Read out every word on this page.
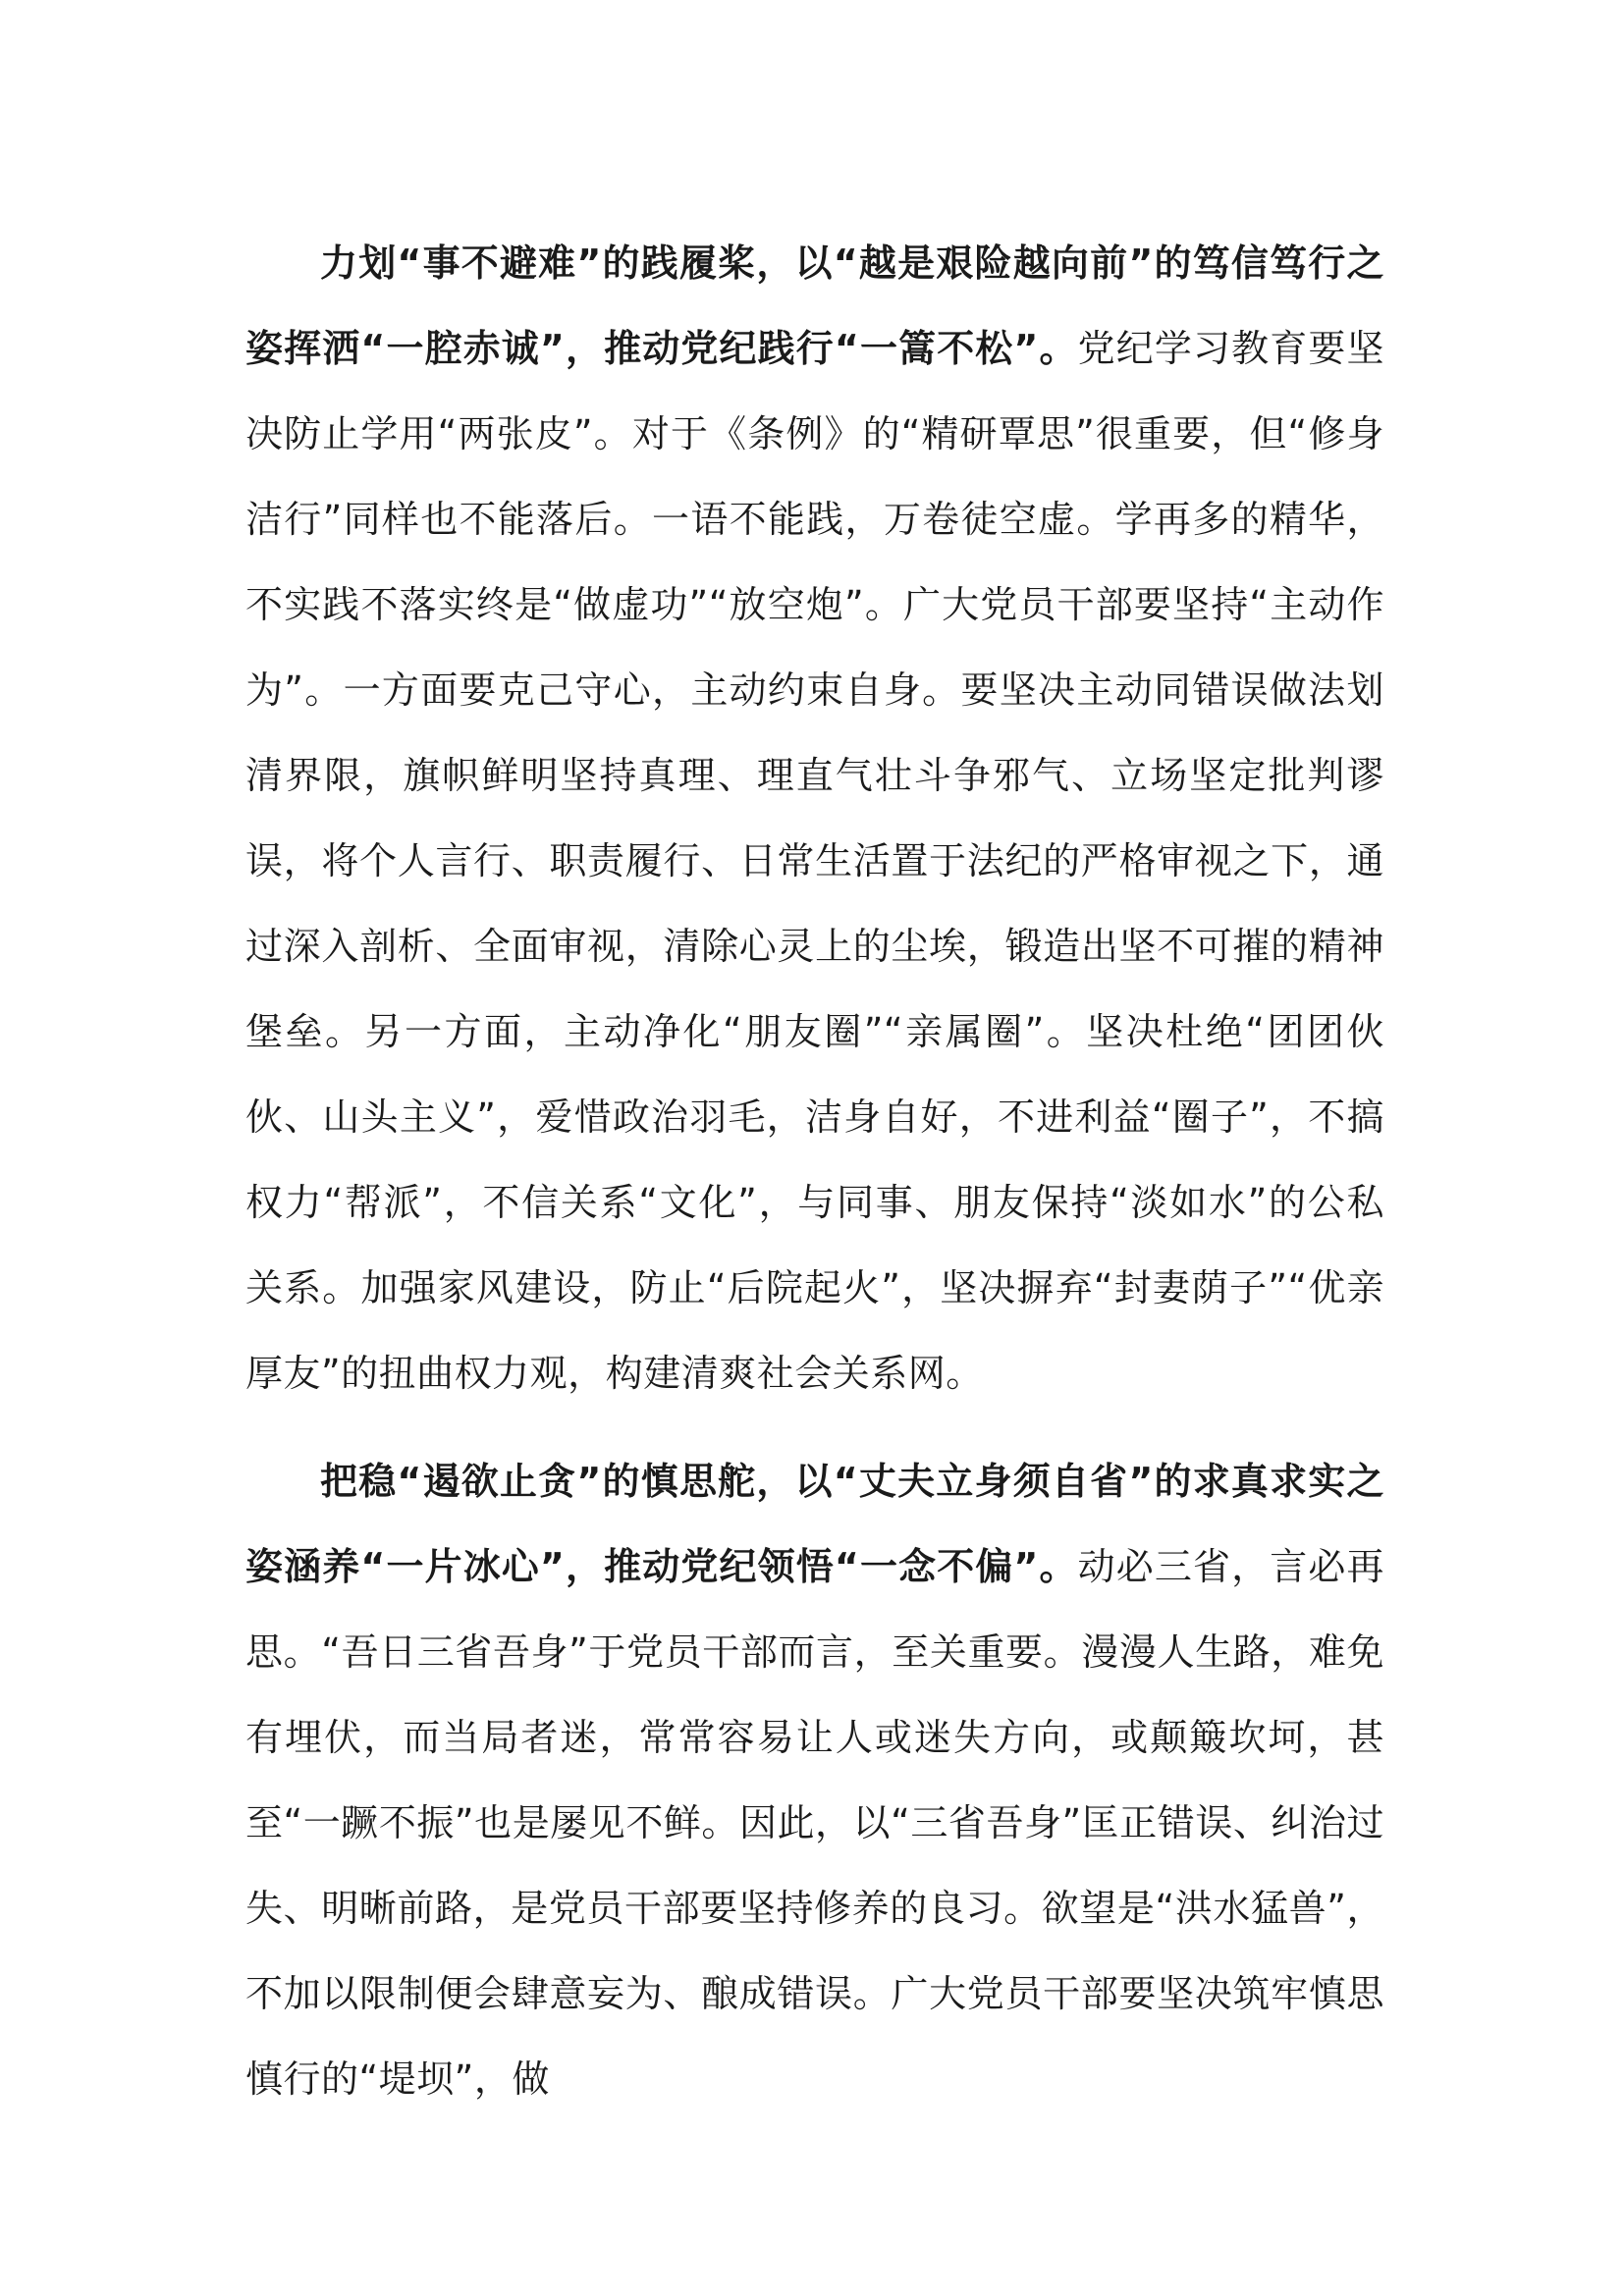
力划“事不避难”的践履桨，以“越是艰险越向前”的笃信笃行之姿挥洒“一腔赤诚”，推动党纪践行“一篙不松”。党纪学习教育要坚决防止学用“两张皮”。对于《条例》的“精研覃思”很重要，但“修身洁行”同样也不能落后。一语不能践，万卷徒空虚。学再多的精华，不实践不落实终是“做虚功”“放空炮”。广大党员干部要坚持“主动作为”。一方面要克己守心，主动约束自身。要坚决主动同错误做法划清界限，旗帜鲜明坚持真理、理直气壮斗争邪气、立场坚定批判谬误，将个人言行、职责履行、日常生活置于法纪的严格审视之下，通过深入剖析、全面审视，清除心灵上的尘埃，锻造出坚不可摧的精神堡垒。另一方面，主动净化“朋友圈”“亲属圈”。坚决杜绝“团团伙伙、山头主义”，爱惜政治羽毛，洁身自好，不进利益“圈子”，不搞权力“帮派”，不信关系“文化”，与同事、朋友保持“淡如水”的公私关系。加强家风建设，防止“后院起火”，坚决摒弃“封妻荫子”“优亲厚友”的扭曲权力观，构建清爽社会关系网。

把稳“遏欲止贪”的慎思舵，以“丈夫立身须自省”的求真求实之姿涵养“一片冰心”，推动党纪领悟“一念不偏”。动必三省，言必再思。“吾日三省吾身”于党员干部而言，至关重要。漫漫人生路，难免有埋伏，而当局者迷，常常容易让人或迷失方向，或颠簸坎坷，甚至“一蹶不振”也是屡见不鲜。因此，以“三省吾身”匡正错误、纠治过失、明晰前路，是党员干部要坚持修养的良习。欲望是“洪水猛兽”，不加以限制便会肆意妄为、酿成错误。广大党员干部要坚决筑牢慎思慎行的“堤坝”，做
